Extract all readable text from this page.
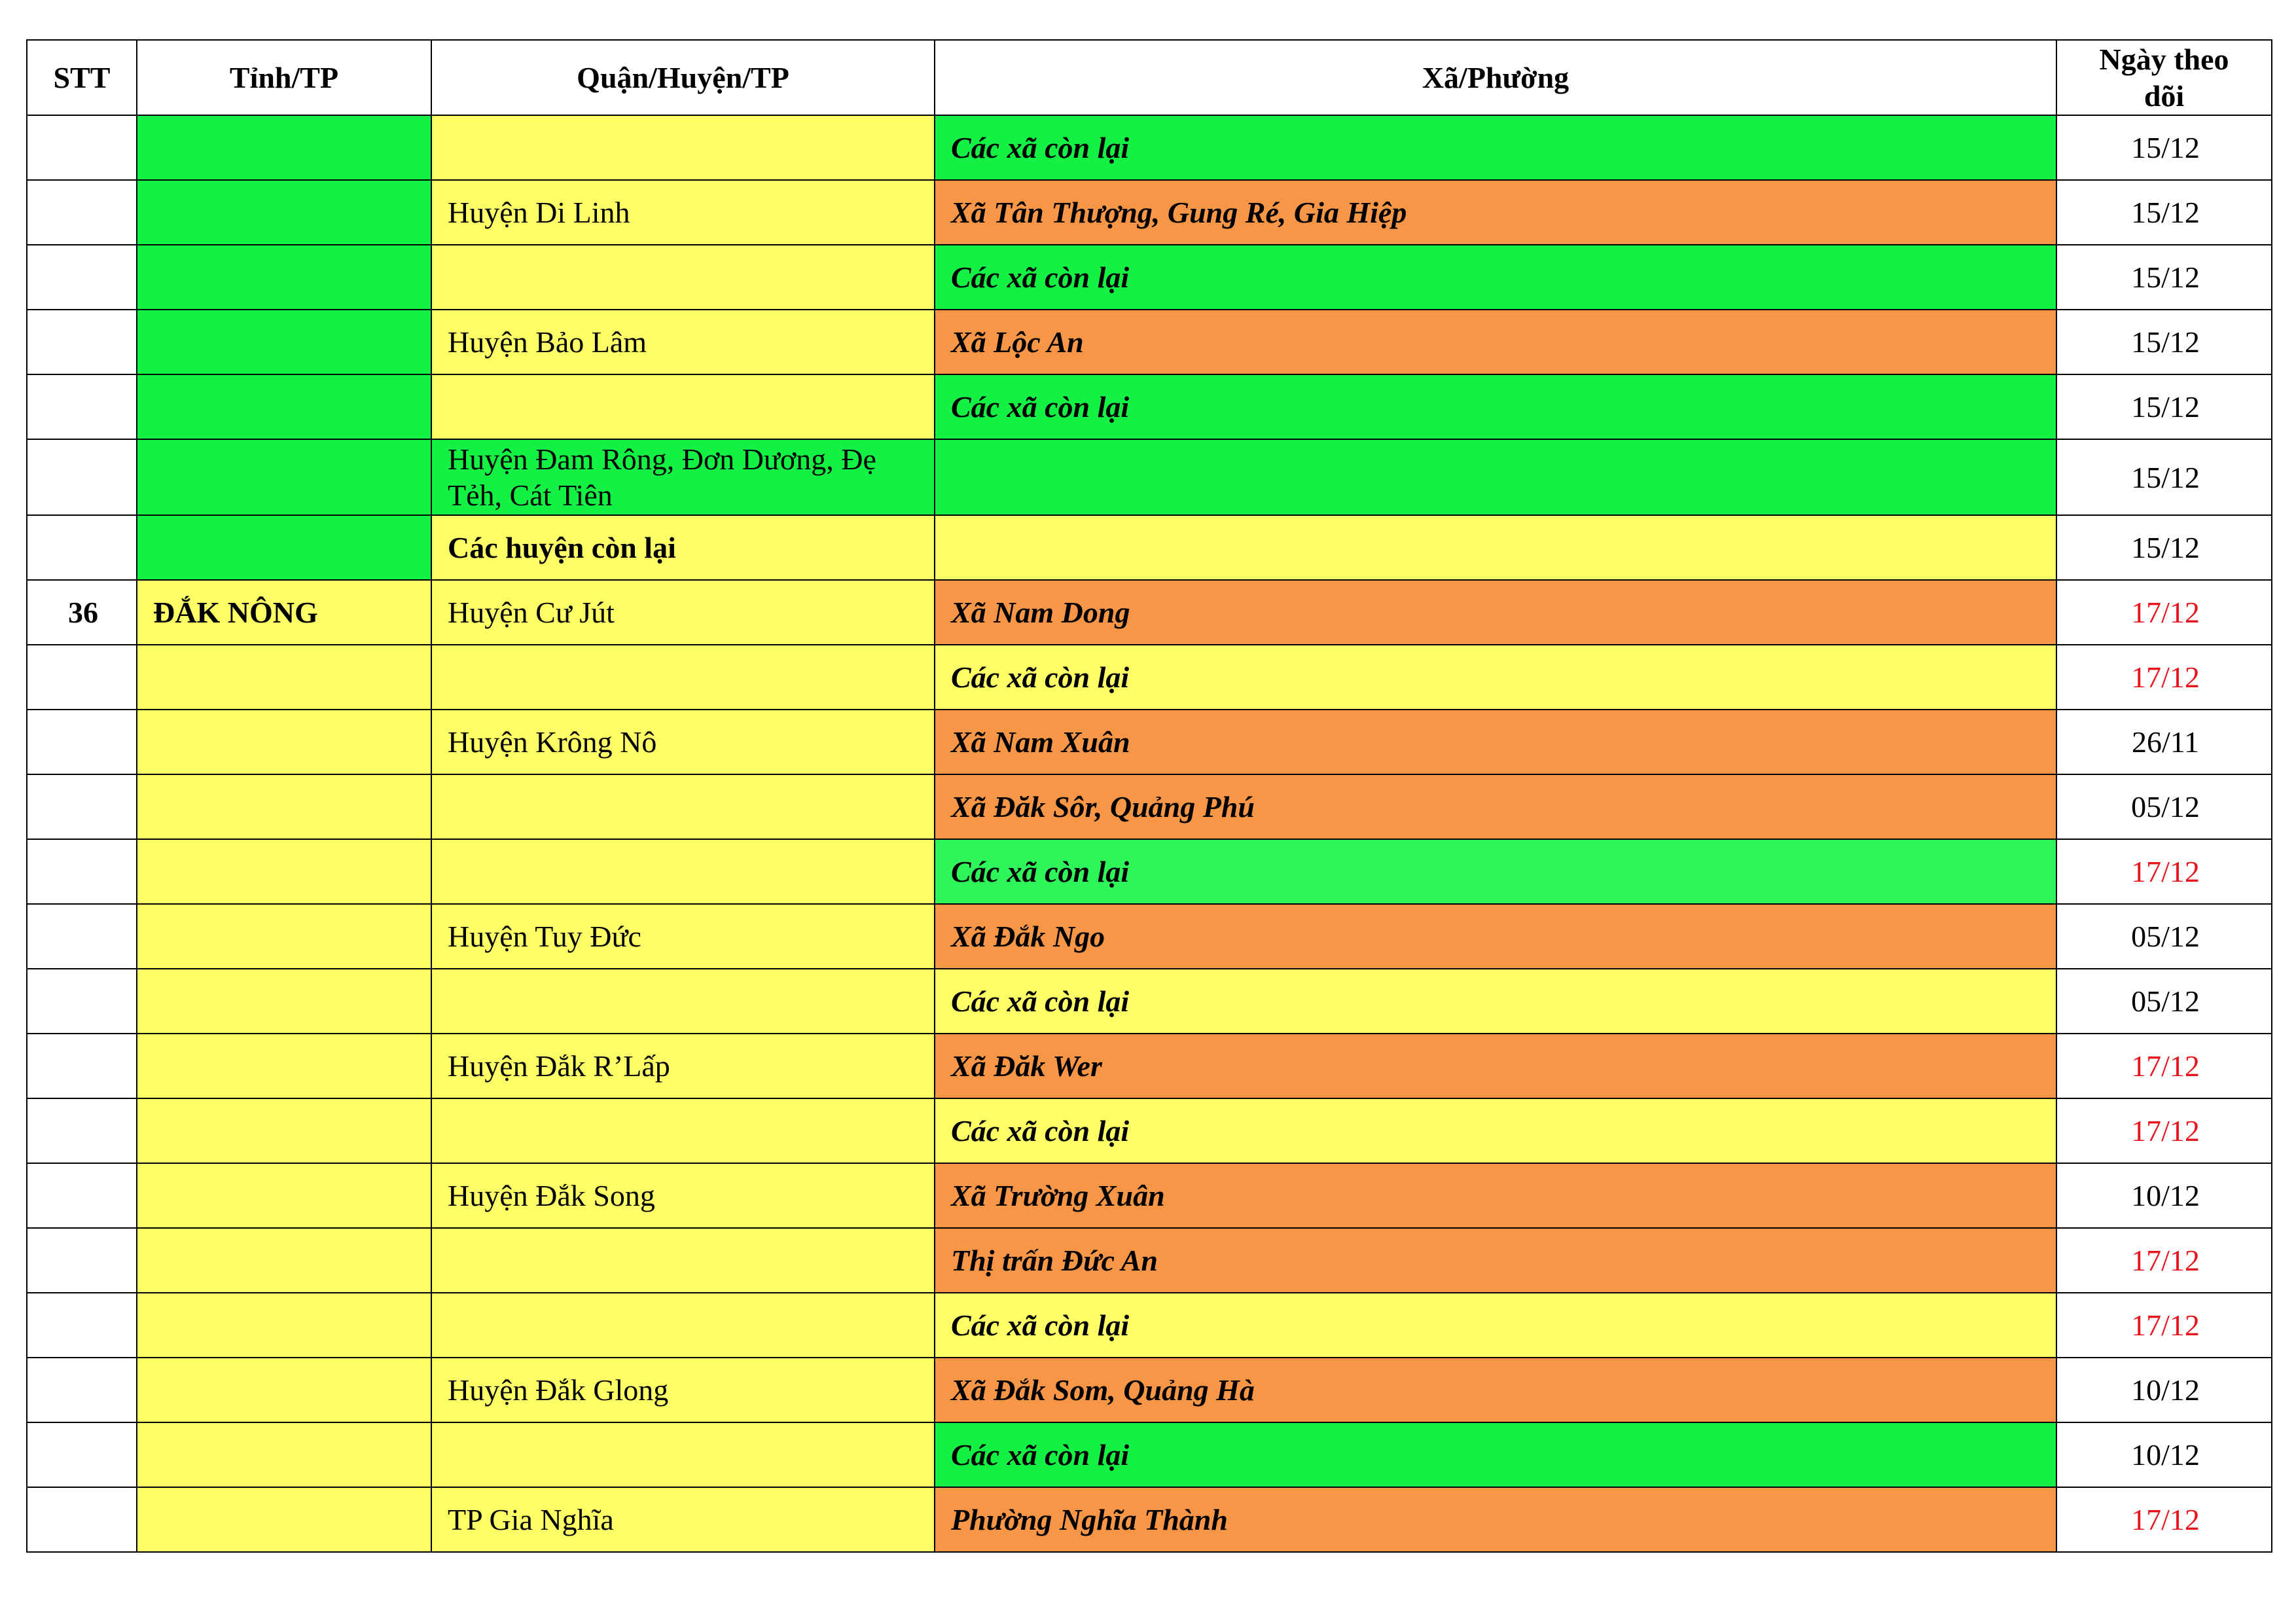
STT	Tỉnh/TP	Quận/Huyện/TP	Xã/Phường	Ngày theo dõi
			Các xã còn lại	15/12
		Huyện Di Linh	Xã Tân Thượng, Gung Ré, Gia Hiệp	15/12
			Các xã còn lại	15/12
		Huyện Bảo Lâm	Xã Lộc An	15/12
			Các xã còn lại	15/12
		Huyện Đam Rông, Đơn Dương, Đẹ Tẻh, Cát Tiên		15/12
		Các huyện còn lại		15/12
36	ĐẮK NÔNG	Huyện Cư Jút	Xã Nam Dong	17/12
			Các xã còn lại	17/12
		Huyện Krông Nô	Xã Nam Xuân	26/11
			Xã Đăk Sôr, Quảng Phú	05/12
			Các xã còn lại	17/12
		Huyện Tuy Đức	Xã Đắk Ngo	05/12
			Các xã còn lại	05/12
		Huyện Đắk R’Lấp	Xã Đăk Wer	17/12
			Các xã còn lại	17/12
		Huyện Đắk Song	Xã Trường Xuân	10/12
			Thị trấn Đức An	17/12
			Các xã còn lại	17/12
		Huyện Đắk Glong	Xã Đắk Som, Quảng Hà	10/12
			Các xã còn lại	10/12
		TP Gia Nghĩa	Phường Nghĩa Thành	17/12
